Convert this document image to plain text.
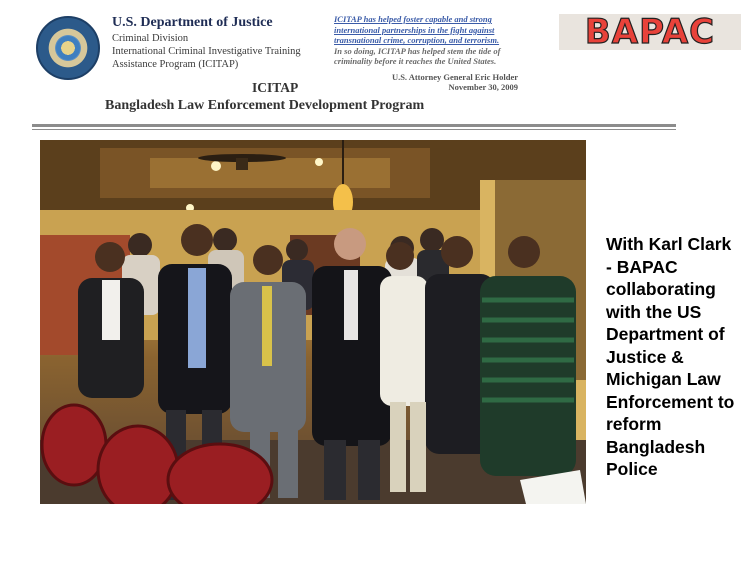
U.S. Department of Justice
Criminal Division
International Criminal Investigative Training
Assistance Program (ICITAP)
ICITAP has helped foster capable and strong
international partnerships in the fight against
transnational crime, corruption, and terrorism.
In so doing, ICITAP has helped stem the tide of
criminality before it reaches the United States.
U.S. Attorney General Eric Holder
November 30, 2009
BAPAC
ICITAP
Bangladesh Law Enforcement Development Program
With Karl Clark - BAPAC collaborating with the US Department of Justice & Michigan Law Enforcement to reform Bangladesh Police
